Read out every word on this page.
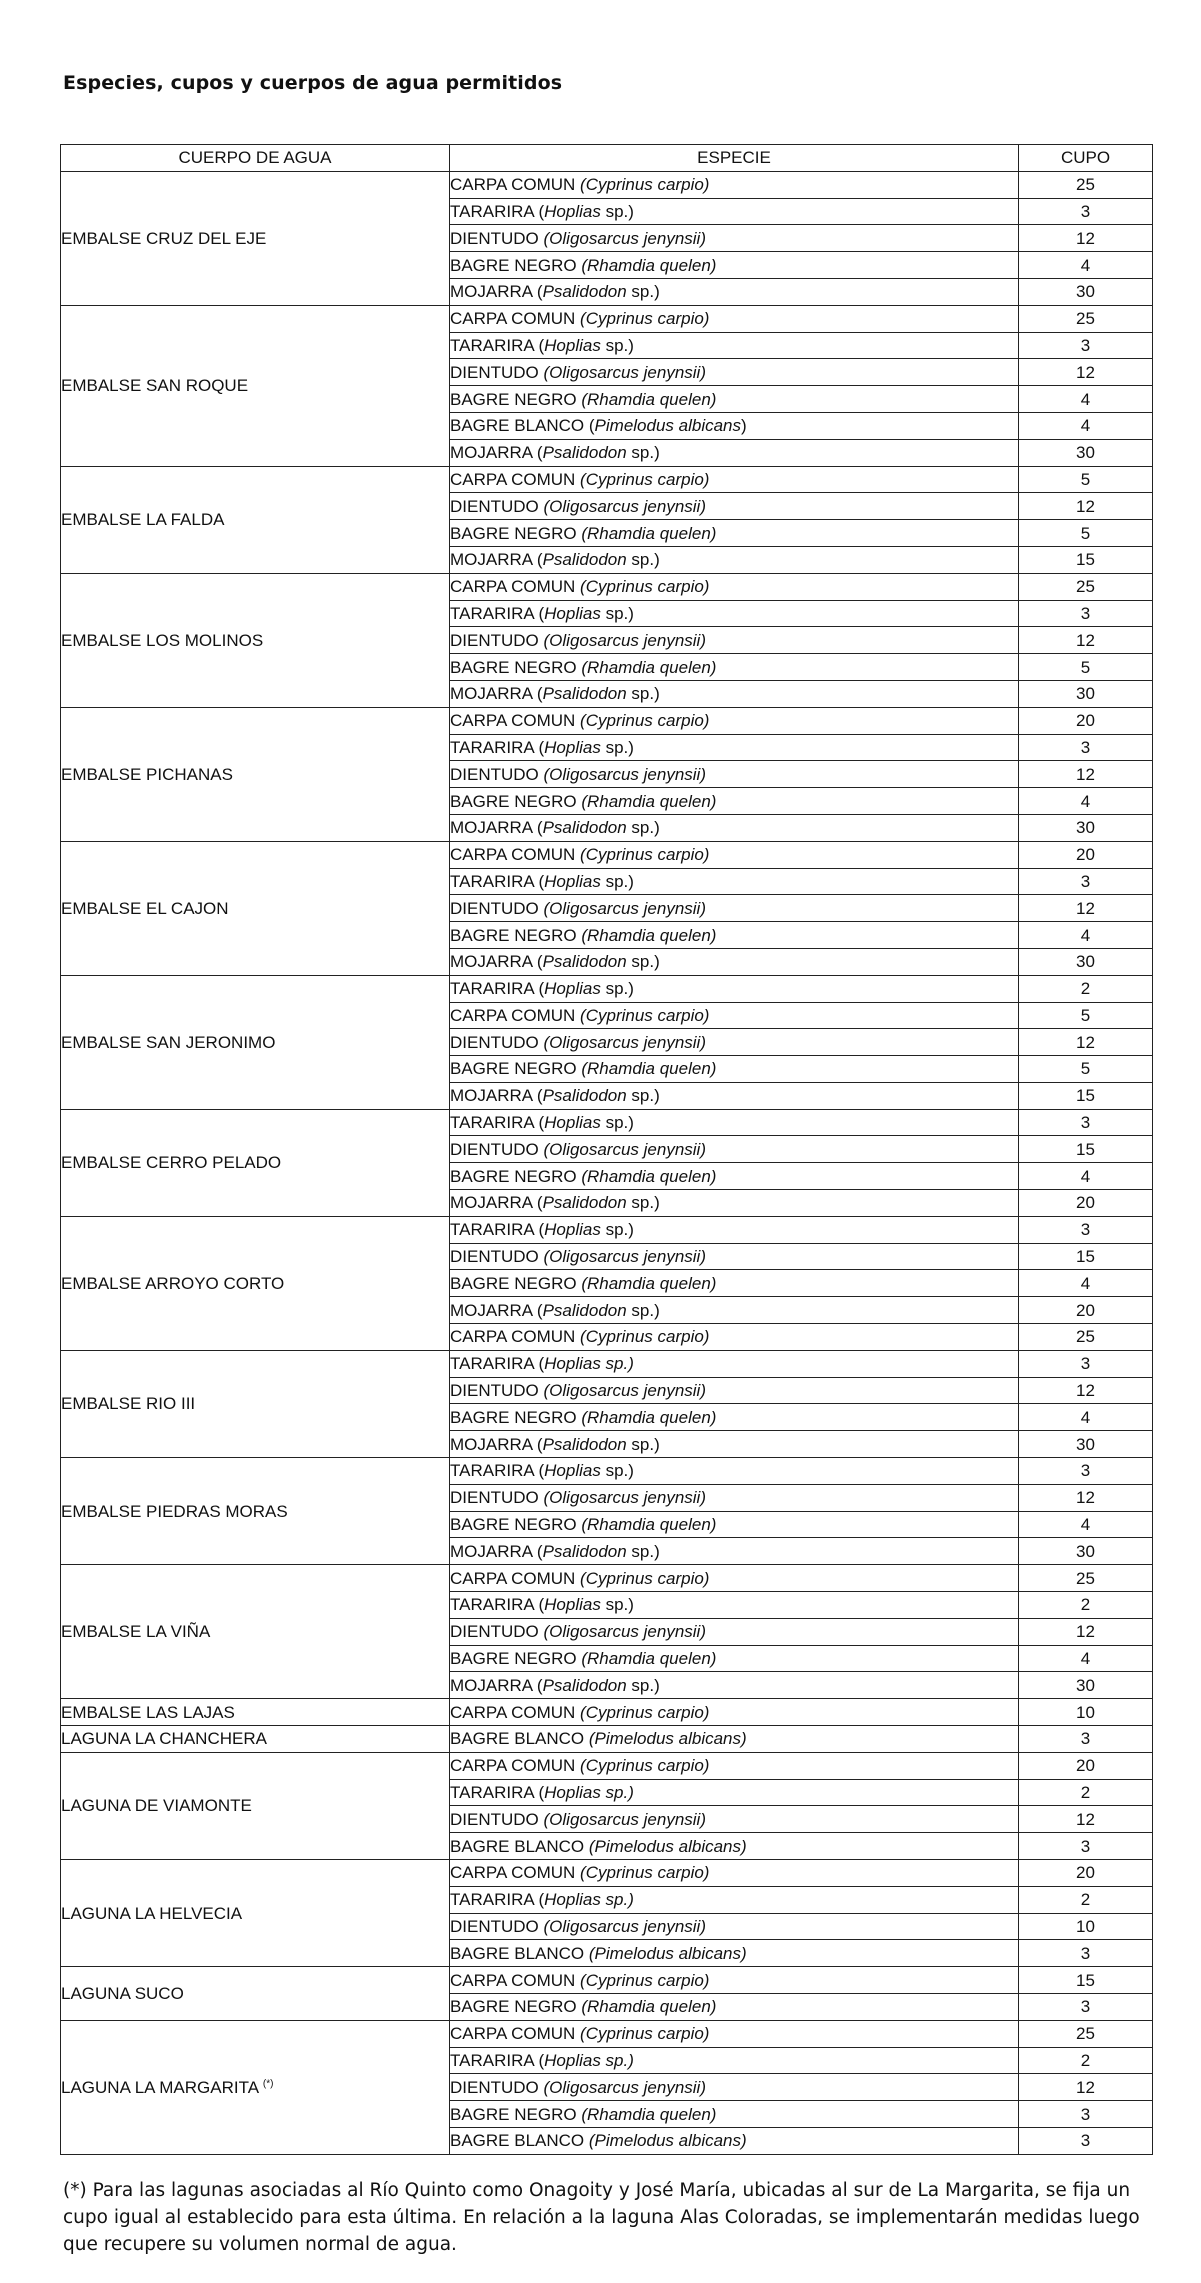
Especies, cupos y cuerpos de agua permitidos
CUERPO DE AGUA	ESPECIE	CUPO
EMBALSE CRUZ DEL EJE	CARPA COMUN (Cyprinus carpio)	25
	TARARIRA (Hoplias sp.)	3
	DIENTUDO (Oligosarcus jenynsii)	12
	BAGRE NEGRO (Rhamdia quelen)	4
	MOJARRA (Psalidodon sp.)	30
EMBALSE SAN ROQUE	CARPA COMUN (Cyprinus carpio)	25
	TARARIRA (Hoplias sp.)	3
	DIENTUDO (Oligosarcus jenynsii)	12
	BAGRE NEGRO (Rhamdia quelen)	4
	BAGRE BLANCO (Pimelodus albicans)	4
	MOJARRA (Psalidodon sp.)	30
EMBALSE LA FALDA	CARPA COMUN (Cyprinus carpio)	5
	DIENTUDO (Oligosarcus jenynsii)	12
	BAGRE NEGRO (Rhamdia quelen)	5
	MOJARRA (Psalidodon sp.)	15
EMBALSE LOS MOLINOS	CARPA COMUN (Cyprinus carpio)	25
	TARARIRA (Hoplias sp.)	3
	DIENTUDO (Oligosarcus jenynsii)	12
	BAGRE NEGRO (Rhamdia quelen)	5
	MOJARRA (Psalidodon sp.)	30
EMBALSE PICHANAS	CARPA COMUN (Cyprinus carpio)	20
	TARARIRA (Hoplias sp.)	3
	DIENTUDO (Oligosarcus jenynsii)	12
	BAGRE NEGRO (Rhamdia quelen)	4
	MOJARRA (Psalidodon sp.)	30
EMBALSE EL CAJON	CARPA COMUN (Cyprinus carpio)	20
	TARARIRA (Hoplias sp.)	3
	DIENTUDO (Oligosarcus jenynsii)	12
	BAGRE NEGRO (Rhamdia quelen)	4
	MOJARRA (Psalidodon sp.)	30
EMBALSE SAN JERONIMO	TARARIRA (Hoplias sp.)	2
	CARPA COMUN (Cyprinus carpio)	5
	DIENTUDO (Oligosarcus jenynsii)	12
	BAGRE NEGRO (Rhamdia quelen)	5
	MOJARRA (Psalidodon sp.)	15
EMBALSE CERRO PELADO	TARARIRA (Hoplias sp.)	3
	DIENTUDO (Oligosarcus jenynsii)	15
	BAGRE NEGRO (Rhamdia quelen)	4
	MOJARRA (Psalidodon sp.)	20
EMBALSE ARROYO CORTO	TARARIRA (Hoplias sp.)	3
	DIENTUDO (Oligosarcus jenynsii)	15
	BAGRE NEGRO (Rhamdia quelen)	4
	MOJARRA (Psalidodon sp.)	20
	CARPA COMUN (Cyprinus carpio)	25
EMBALSE RIO III	TARARIRA (Hoplias sp.)	3
	DIENTUDO (Oligosarcus jenynsii)	12
	BAGRE NEGRO (Rhamdia quelen)	4
	MOJARRA (Psalidodon sp.)	30
EMBALSE PIEDRAS MORAS	TARARIRA (Hoplias sp.)	3
	DIENTUDO (Oligosarcus jenynsii)	12
	BAGRE NEGRO (Rhamdia quelen)	4
	MOJARRA (Psalidodon sp.)	30
EMBALSE LA VIÑA	CARPA COMUN (Cyprinus carpio)	25
	TARARIRA (Hoplias sp.)	2
	DIENTUDO (Oligosarcus jenynsii)	12
	BAGRE NEGRO (Rhamdia quelen)	4
	MOJARRA (Psalidodon sp.)	30
EMBALSE LAS LAJAS	CARPA COMUN (Cyprinus carpio)	10
LAGUNA LA CHANCHERA	BAGRE BLANCO (Pimelodus albicans)	3
LAGUNA DE VIAMONTE	CARPA COMUN (Cyprinus carpio)	20
	TARARIRA (Hoplias sp.)	2
	DIENTUDO (Oligosarcus jenynsii)	12
	BAGRE BLANCO (Pimelodus albicans)	3
LAGUNA LA HELVECIA	CARPA COMUN (Cyprinus carpio)	20
	TARARIRA (Hoplias sp.)	2
	DIENTUDO (Oligosarcus jenynsii)	10
	BAGRE BLANCO (Pimelodus albicans)	3
LAGUNA SUCO	CARPA COMUN (Cyprinus carpio)	15
	BAGRE NEGRO (Rhamdia quelen)	3
LAGUNA LA MARGARITA (*)	CARPA COMUN (Cyprinus carpio)	25
	TARARIRA (Hoplias sp.)	2
	DIENTUDO (Oligosarcus jenynsii)	12
	BAGRE NEGRO (Rhamdia quelen)	3
	BAGRE BLANCO (Pimelodus albicans)	3
(*) Para las lagunas asociadas al Río Quinto como Onagoity y José María, ubicadas al sur de La Margarita, se fija un cupo igual al establecido para esta última. En relación a la laguna Alas Coloradas, se implementarán medidas luego que recupere su volumen normal de agua.
